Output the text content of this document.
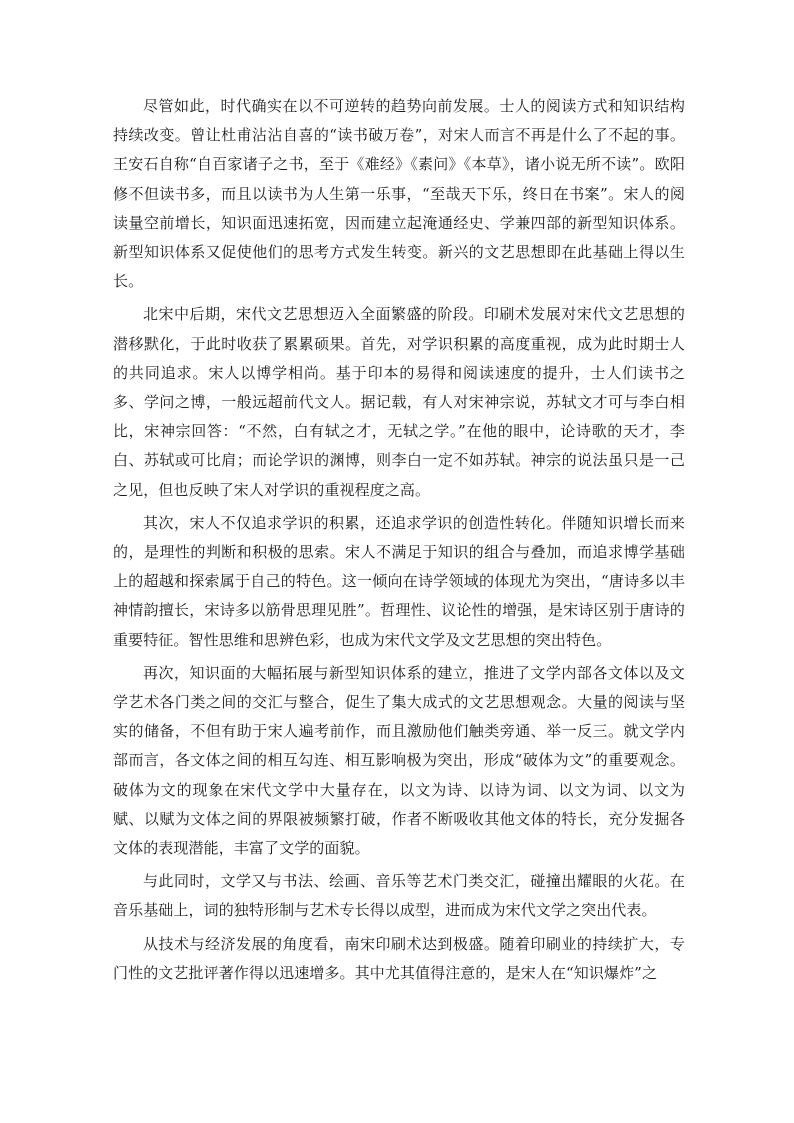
尽管如此，时代确实在以不可逆转的趋势向前发展。士人的阅读方式和知识结构持续改变。曾让杜甫沾沾自喜的“读书破万卷”，对宋人而言不再是什么了不起的事。王安石自称“自百家诸子之书，至于《难经》《素问》《本草》，诸小说无所不读”。欧阳修不但读书多，而且以读书为人生第一乐事，“至哉天下乐，终日在书案”。宋人的阅读量空前增长，知识面迅速拓宽，因而建立起淹通经史、学兼四部的新型知识体系。新型知识体系又促使他们的思考方式发生转变。新兴的文艺思想即在此基础上得以生长。

北宋中后期，宋代文艺思想迈入全面繁盛的阶段。印刷术发展对宋代文艺思想的潜移默化，于此时收获了累累硕果。首先，对学识积累的高度重视，成为此时期士人的共同追求。宋人以博学相尚。基于印本的易得和阅读速度的提升，士人们读书之多、学问之博，一般远超前代文人。据记载，有人对宋神宗说，苏轼文才可与李白相比，宋神宗回答：“不然，白有轼之才，无轼之学。”在他的眼中，论诗歌的天才，李白、苏轼或可比肩；而论学识的渊博，则李白一定不如苏轼。神宗的说法虽只是一己之见，但也反映了宋人对学识的重视程度之高。

其次，宋人不仅追求学识的积累，还追求学识的创造性转化。伴随知识增长而来的，是理性的判断和积极的思索。宋人不满足于知识的组合与叠加，而追求博学基础上的超越和探索属于自己的特色。这一倾向在诗学领域的体现尤为突出，“唐诗多以丰神情韵擅长，宋诗多以筋骨思理见胜”。哲理性、议论性的增强，是宋诗区别于唐诗的重要特征。智性思维和思辨色彩，也成为宋代文学及文艺思想的突出特色。

再次，知识面的大幅拓展与新型知识体系的建立，推进了文学内部各文体以及文学艺术各门类之间的交汇与整合，促生了集大成式的文艺思想观念。大量的阅读与坚实的储备，不但有助于宋人遍考前作，而且激励他们触类旁通、举一反三。就文学内部而言，各文体之间的相互勾连、相互影响极为突出，形成“破体为文”的重要观念。破体为文的现象在宋代文学中大量存在，以文为诗、以诗为词、以文为词、以文为赋、以赋为文体之间的界限被频繁打破，作者不断吸收其他文体的特长，充分发掘各文体的表现潜能，丰富了文学的面貌。

与此同时，文学又与书法、绘画、音乐等艺术门类交汇，碰撞出耀眼的火花。在音乐基础上，词的独特形制与艺术专长得以成型，进而成为宋代文学之突出代表。

从技术与经济发展的角度看，南宋印刷术达到极盛。随着印刷业的持续扩大，专门性的文艺批评著作得以迅速增多。其中尤其值得注意的，是宋人在“知识爆炸”之
